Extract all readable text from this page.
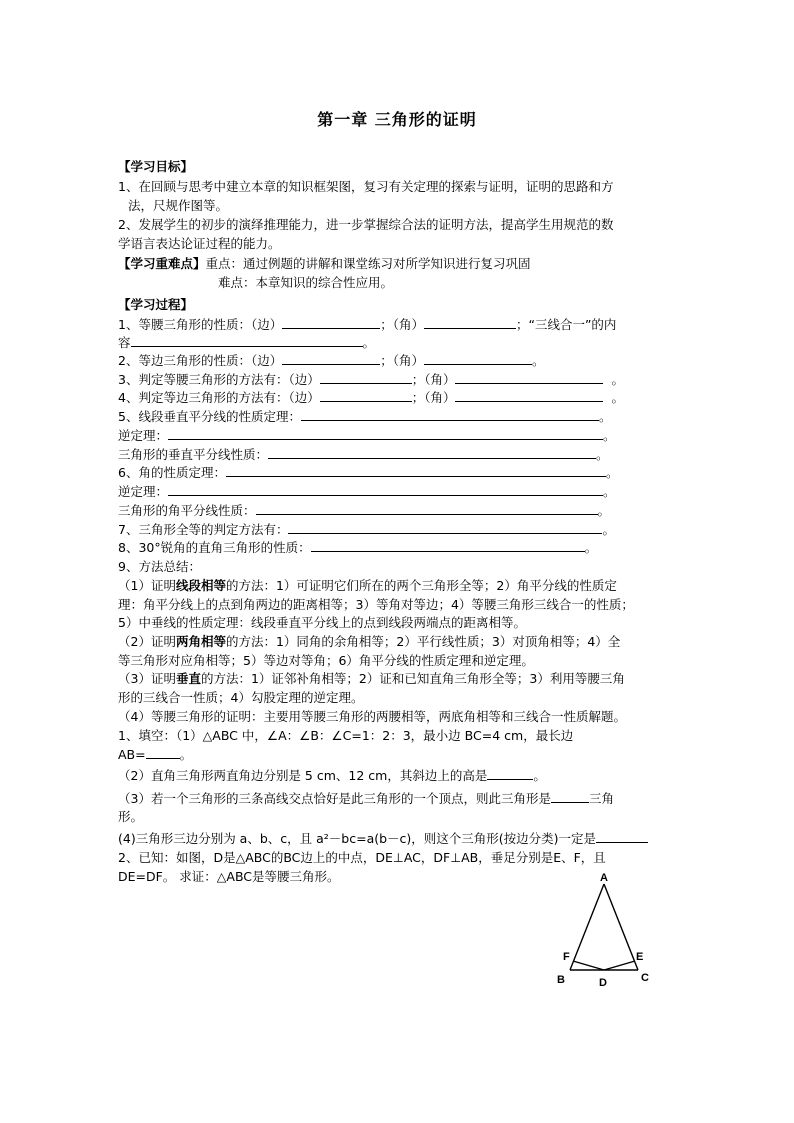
第一章 三角形的证明
【学习目标】
1、在回顾与思考中建立本章的知识框架图，复习有关定理的探索与证明，证明的思路和方
法，尺规作图等。
2、发展学生的初步的演绎推理能力，进一步掌握综合法的证明方法，提高学生用规范的数
学语言表达论证过程的能力。
【学习重难点】重点：通过例题的讲解和课堂练习对所学知识进行复习巩固
难点：本章知识的综合性应用。
【学习过程】
1、等腰三角形的性质：（边）	；（角）	；“三线合一”的内
容	。
2、等边三角形的性质：（边）	；（角）	。
3、判定等腰三角形的方法有：（边）	；（角）	。
4、判定等边三角形的方法有：（边）	；（角）	。
5、线段垂直平分线的性质定理：	。
逆定理：	。
三角形的垂直平分线性质：	。
6、角的性质定理：	。
逆定理：	。
三角形的角平分线性质：	。
7、三角形全等的判定方法有：	。
8、30°锐角的直角三角形的性质：	。
9、方法总结：
（1）证明线段相等的方法：1）可证明它们所在的两个三角形全等；2）角平分线的性质定
理：角平分线上的点到角两边的距离相等；3）等角对等边；4）等腰三角形三线合一的性质；
5）中垂线的性质定理：线段垂直平分线上的点到线段两端点的距离相等。
（2）证明两角相等的方法：1）同角的余角相等；2）平行线性质；3）对顶角相等；4）全
等三角形对应角相等；5）等边对等角；6）角平分线的性质定理和逆定理。
（3）证明垂直的方法：1）证邻补角相等；2）证和已知直角三角形全等；3）利用等腰三角
形的三线合一性质；4）勾股定理的逆定理。
（4）等腰三角形的证明：主要用等腰三角形的两腰相等，两底角相等和三线合一性质解题。
1、填空：（1）△ABC 中，∠A：∠B：∠C=1：2：3，最小边 BC=4 cm，最长边
AB=	。
（2）直角三角形两直角边分别是 5 cm、12 cm，其斜边上的高是	。
（3）若一个三角形的三条高线交点恰好是此三角形的一个顶点，则此三角形是	三角
形。
(4)三角形三边分别为 a、b、c，且 a²－bc=a(b－c)，则这个三角形(按边分类)一定是
2、已知：如图，D是△ABC的BC边上的中点，DE⊥AC，DF⊥AB，垂足分别是E、F，且
DE=DF。 求证：△ABC是等腰三角形。	A
B	C
D
E
F
